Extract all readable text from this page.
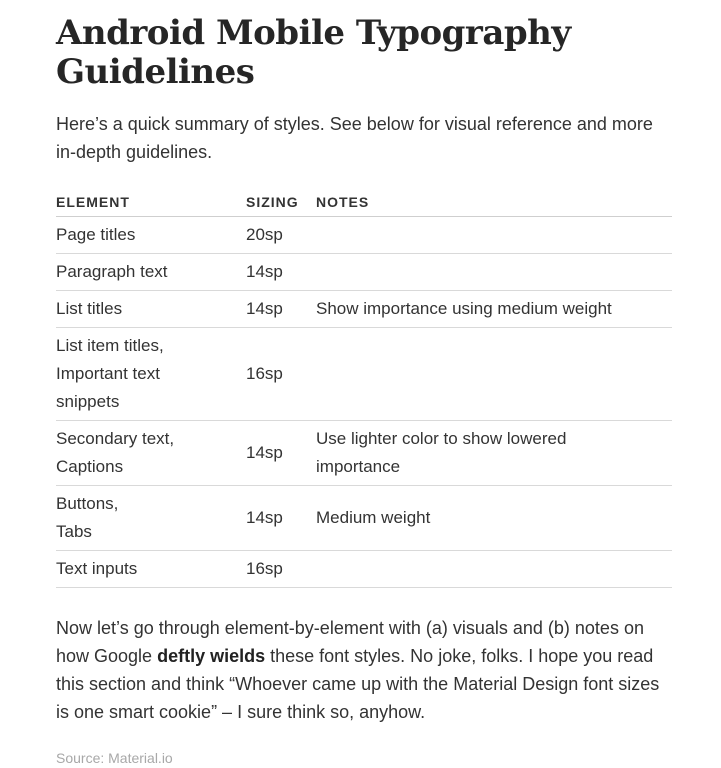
Android Mobile Typography Guidelines

Here’s a quick summary of styles. See below for visual reference and more in-depth guidelines.

ELEMENT	SIZING	NOTES
Page titles	20sp	
Paragraph text	14sp	
List titles	14sp	Show importance using medium weight
List item titles, Important text snippets	16sp	
Secondary text, Captions	14sp	Use lighter color to show lowered importance
Buttons, Tabs	14sp	Medium weight
Text inputs	16sp	

Now let’s go through element-by-element with (a) visuals and (b) notes on how Google deftly wields these font styles. No joke, folks. I hope you read this section and think “Whoever came up with the Material Design font sizes is one smart cookie” – I sure think so, anyhow.

Source: Material.io
